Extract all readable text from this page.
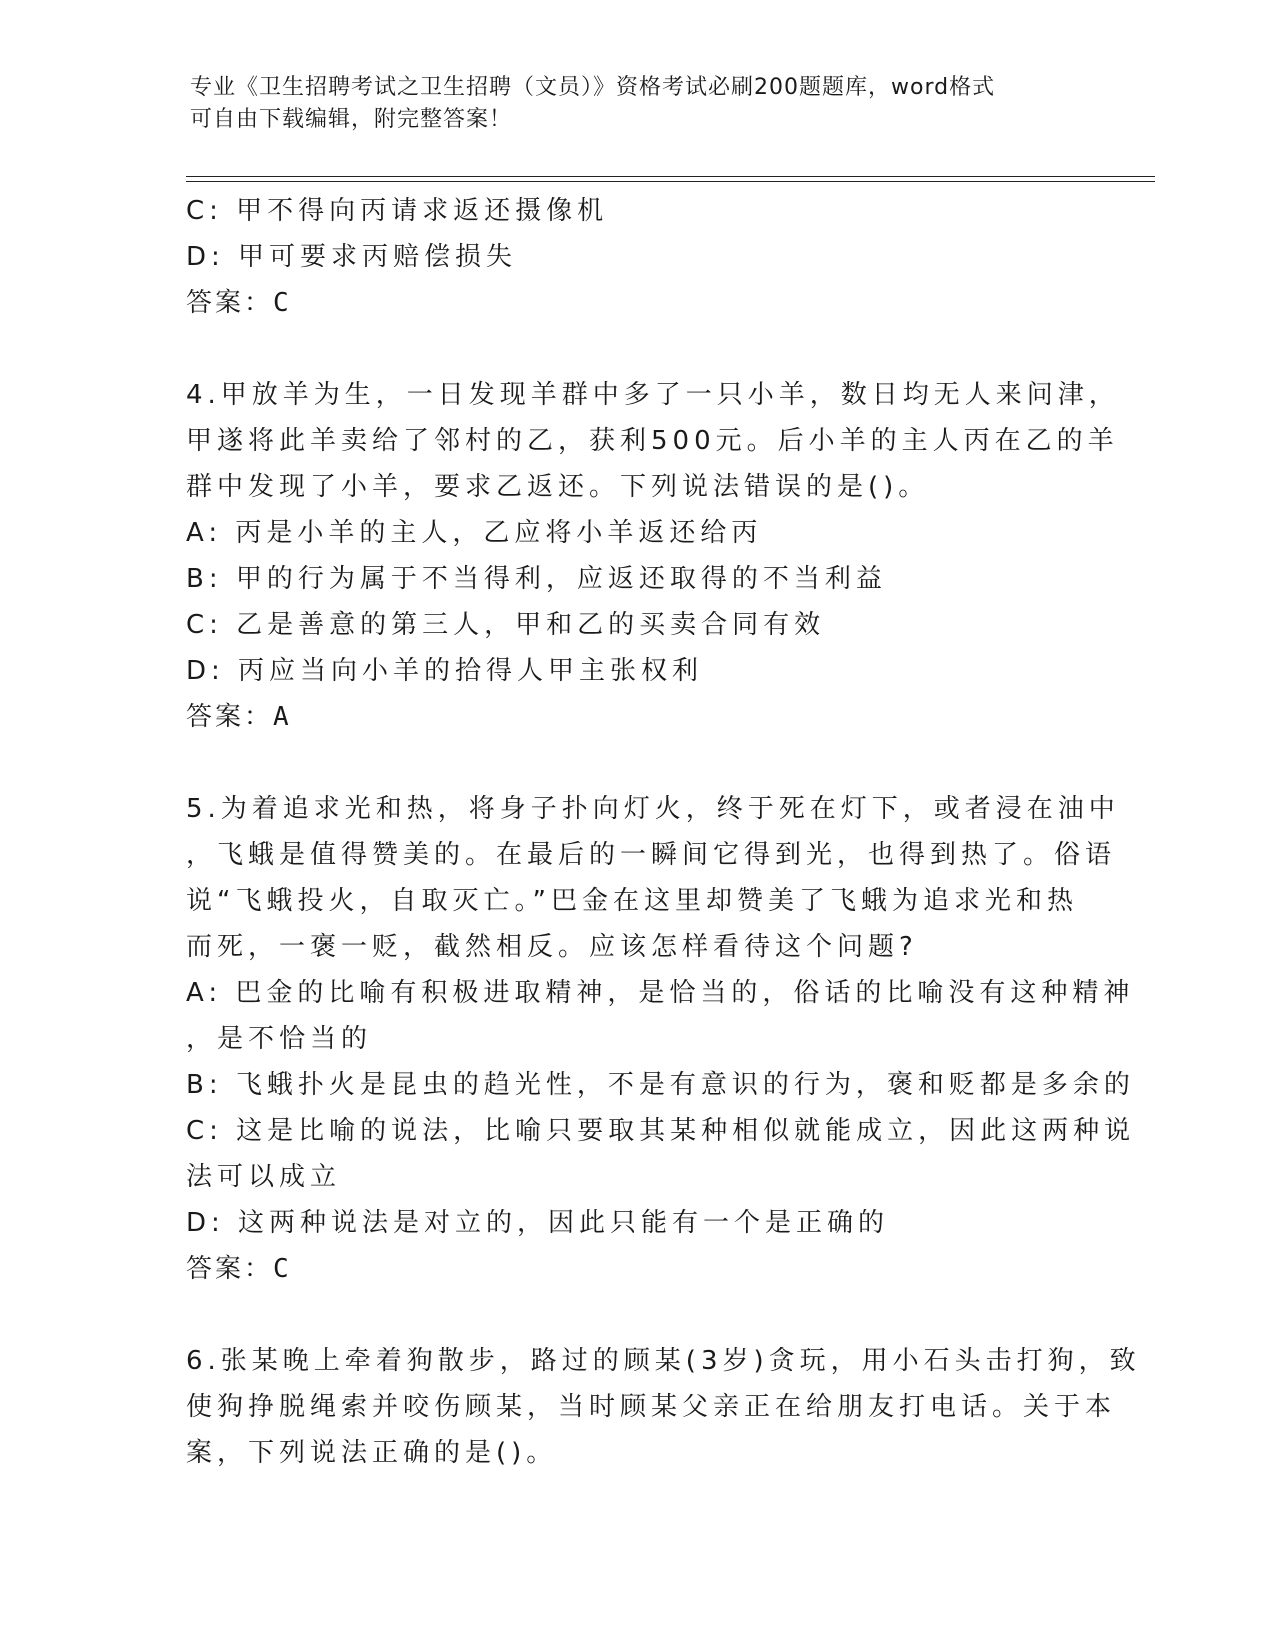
专业《卫生招聘考试之卫生招聘（文员）》资格考试必刷200题题库，word格式
可自由下载编辑，附完整答案！
C: 甲不得向丙请求返还摄像机
D: 甲可要求丙赔偿损失
答案：C
4.甲放羊为生，一日发现羊群中多了一只小羊，数日均无人来问津，
甲遂将此羊卖给了邻村的乙，获利500元。后小羊的主人丙在乙的羊
群中发现了小羊，要求乙返还。下列说法错误的是()。
A: 丙是小羊的主人，乙应将小羊返还给丙
B: 甲的行为属于不当得利，应返还取得的不当利益
C: 乙是善意的第三人，甲和乙的买卖合同有效
D: 丙应当向小羊的拾得人甲主张权利
答案：A
5.为着追求光和热，将身子扑向灯火，终于死在灯下，或者浸在油中
，飞蛾是值得赞美的。在最后的一瞬间它得到光，也得到热了。俗语
说“飞蛾投火，自取灭亡。”巴金在这里却赞美了飞蛾为追求光和热
而死，一褒一贬，截然相反。应该怎样看待这个问题?
A: 巴金的比喻有积极进取精神，是恰当的，俗话的比喻没有这种精神
，是不恰当的
B: 飞蛾扑火是昆虫的趋光性，不是有意识的行为，褒和贬都是多余的
C: 这是比喻的说法，比喻只要取其某种相似就能成立，因此这两种说
法可以成立
D: 这两种说法是对立的，因此只能有一个是正确的
答案：C
6.张某晚上牵着狗散步，路过的顾某(3岁)贪玩，用小石头击打狗，致
使狗挣脱绳索并咬伤顾某，当时顾某父亲正在给朋友打电话。关于本
案，下列说法正确的是()。
